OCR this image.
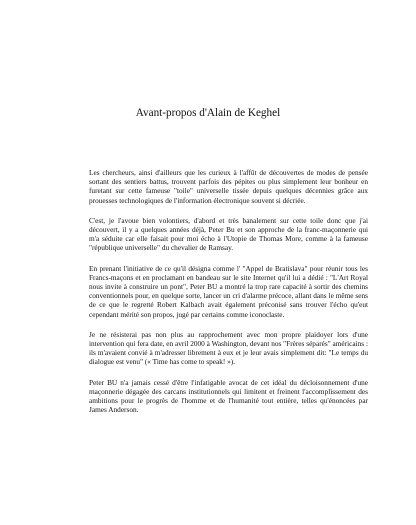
Avant-propos d'Alain de Keghel

Les chercheurs, ainsi d'ailleurs que les curieux à l'affût de découvertes de modes de pensée sortant des sentiers battus, trouvent parfois des pépites ou plus simplement leur bonheur en furetant sur cette fameuse "toile" universelle tissée depuis quelques décennies grâce aux prouesses technologiques de l'information électronique souvent si décriée.

C'est, je l'avoue bien volontiers, d'abord et très banalement sur cette toile donc que j'ai découvert, il y a quelques années déjà, Peter Bu et son approche de la franc-maçonnerie qui m'a séduite car elle faisait pour moi écho à l'Utopie de Thomas More, comme à la fameuse "république universelle" du chevalier de Ramsay.

En prenant l'initiative de ce qu'il désigna comme l' "Appel de Bratislava" pour réunir tous les Francs-maçons et en proclamant en bandeau sur le site Internet qu'il lui a dédié : "L'Art Royal nous invite à construire un pont", Peter BU a montré la trop rare capacité à sortir des chemins conventionnels pour, en quelque sorte, lancer un cri d'alarme précoce, allant dans le même sens de ce que le regretté Robert Kalbach avait également préconisé sans trouver l'écho qu'eut cependant mérité son propos, jugé par certains comme iconoclaste.

Je ne résisterai pas non plus au rapprochement avec mon propre plaidoyer lors d'une intervention qui fera date, en avril 2000 à Washington, devant nos "Frères séparés" américains : ils m'avaient convié à m'adresser librement à eux et je leur avais simplement dit: "Le temps du dialogue est venu" (« Time has come to speak! »).

Peter BU n'a jamais cessé d'être l'infatigable avocat de cet idéal du décloisonnement d'une maçonnerie dégagée des carcans institutionnels qui limitent et freinent l'accomplissement des ambitions pour le progrès de l'homme et de l'humanité tout entière, telles qu'énoncées par James Anderson.
